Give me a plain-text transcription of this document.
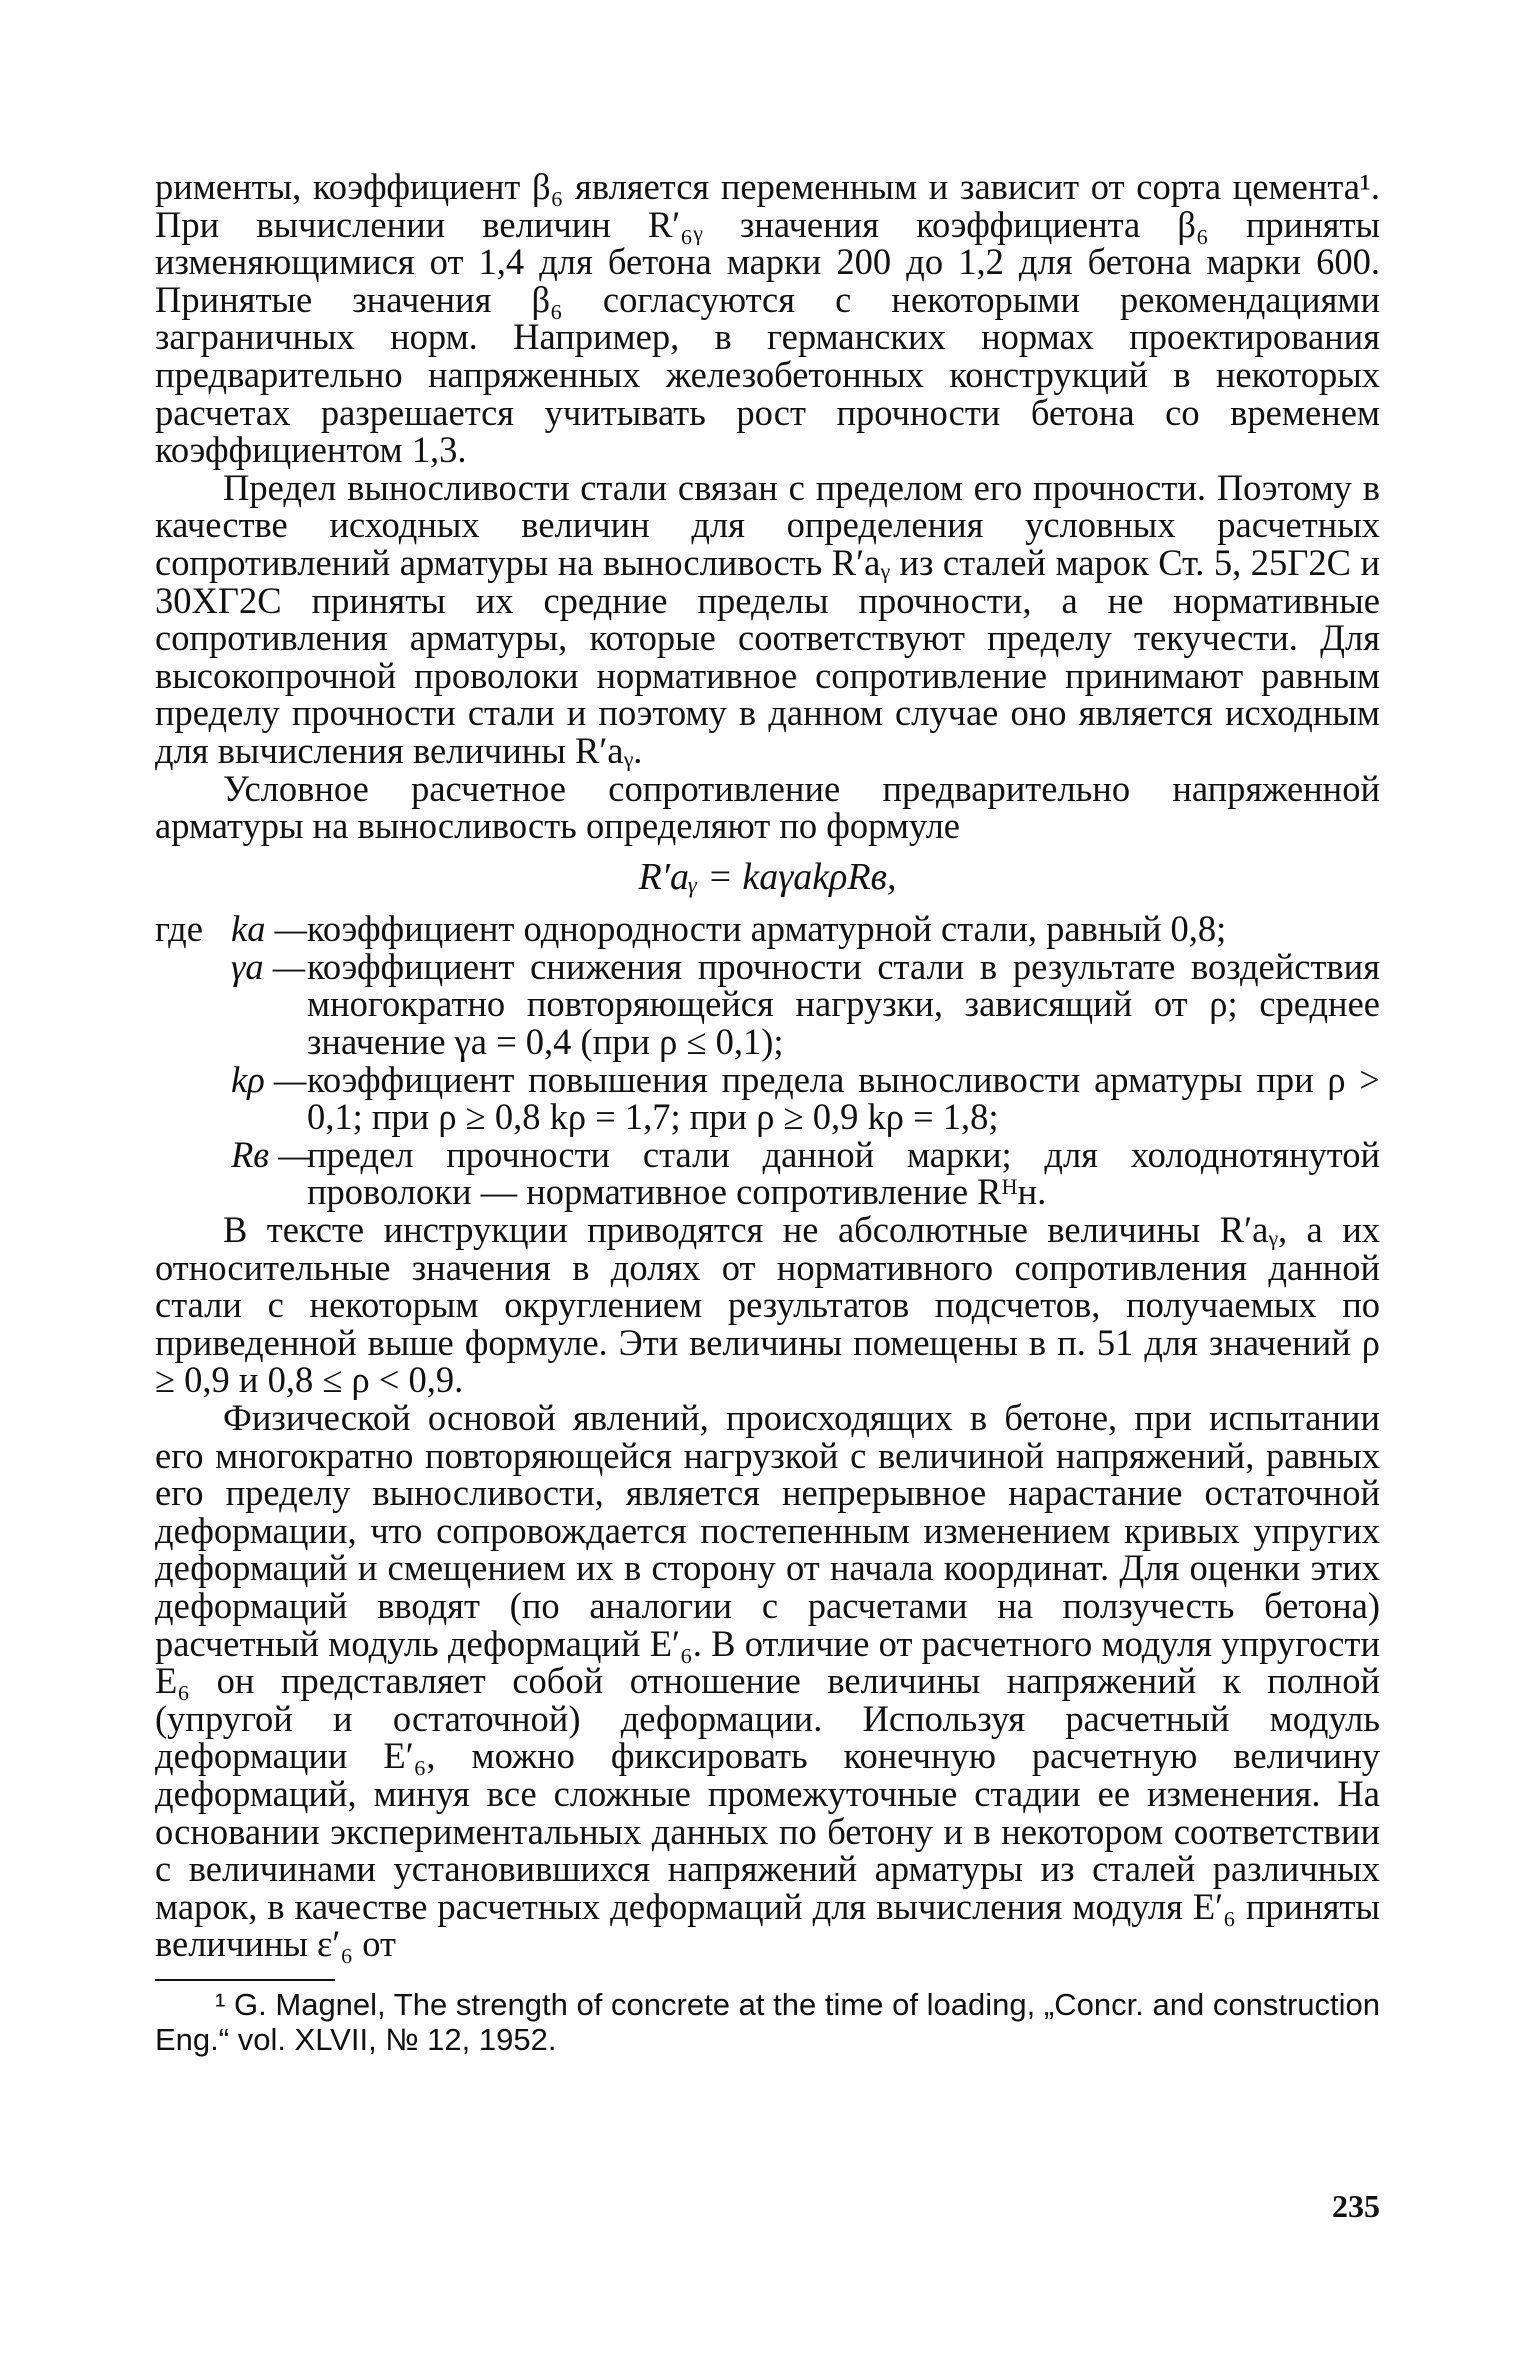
рименты, коэффициент β₆ является переменным и зависит от сорта цемента¹. При вычислении величин R′₆ᵧ значения коэффициента β₆ приняты изменяющимися от 1,4 для бетона марки 200 до 1,2 для бетона марки 600. Принятые значения β₆ согласуются с некоторыми рекомендациями заграничных норм. Например, в германских нормах проектирования предварительно напряженных железобетонных конструкций в некоторых расчетах разрешается учитывать рост прочности бетона со временем коэффициентом 1,3.

Предел выносливости стали связан с пределом его прочности. Поэтому в качестве исходных величин для определения условных расчетных сопротивлений арматуры на выносливость R′аᵧ из сталей марок Ст. 5, 25Г2С и 30ХГ2С приняты их средние пределы прочности, а не нормативные сопротивления арматуры, которые соответствуют пределу текучести. Для высокопрочной проволоки нормативное сопротивление принимают равным пределу прочности стали и поэтому в данном случае оно является исходным для вычисления величины R′аᵧ.

Условное расчетное сопротивление предварительно напряженной арматуры на выносливость определяют по формуле

R′аᵧ = kаγаkρRв,
где kа — коэффициент однородности арматурной стали, равный 0,8;
γа — коэффициент снижения прочности стали в результате воздействия многократно повторяющейся нагрузки, зависящий от ρ; среднее значение γа = 0,4 (при ρ ≤ 0,1);
kρ — коэффициент повышения предела выносливости арматуры при ρ > 0,1; при ρ ≥ 0,8 kρ = 1,7; при ρ ≥ 0,9 kρ = 1,8;
Rв —
предел прочности стали данной марки; для холоднотянутой проволоки — нормативное сопротивление Rᴴн.

В тексте инструкции приводятся не абсолютные величины R′аᵧ, а их относительные значения в долях от нормативного сопротивления данной стали с некоторым округлением результатов подсчетов, получаемых по приведенной выше формуле. Эти величины помещены в п. 51 для значений ρ ≥ 0,9 и 0,8 ≤ ρ < 0,9.

Физической основой явлений, происходящих в бетоне, при испытании его многократно повторяющейся нагрузкой с величиной напряжений, равных его пределу выносливости, является непрерывное нарастание остаточной деформации, что сопровождается постепенным изменением кривых упругих деформаций и смещением их в сторону от начала координат. Для оценки этих деформаций вводят (по аналогии с расчетами на ползучесть бетона) расчетный модуль деформаций E′₆. В отличие от расчетного модуля упругости E₆ он представляет собой отношение величины напряжений к полной (упругой и остаточной) деформации. Используя расчетный модуль деформации E′₆, можно фиксировать конечную расчетную величину деформаций, минуя все сложные промежуточные стадии ее изменения. На основании экспериментальных данных по бетону и в некотором соответствии с величинами установившихся напряжений арматуры из сталей различных марок, в качестве расчетных деформаций для вычисления модуля E′₆ приняты величины ε′₆ от

¹ G. Magnel, The strength of concrete at the time of loading, „Concr. and construction Eng.“ vol. XLVII, № 12, 1952.

235
